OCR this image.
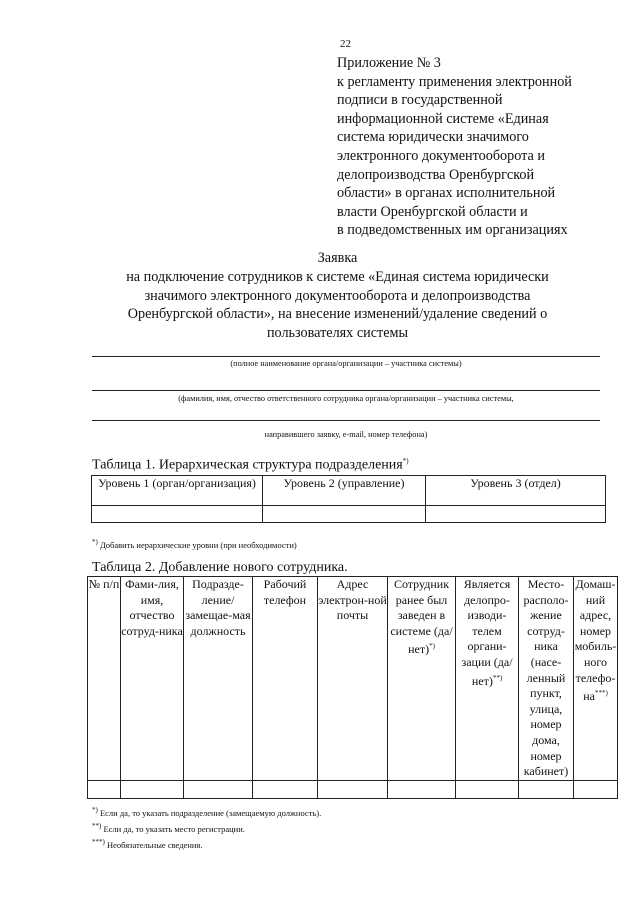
22
Приложение № 3
к регламенту применения электронной
подписи в государственной
информационной системе «Единая
система юридически значимого
электронного документооборота и
делопроизводства Оренбургской
области» в органах исполнительной
власти Оренбургской области и
в подведомственных им организациях
Заявка
на подключение сотрудников к системе «Единая система юридически
значимого электронного документооборота и делопроизводства
Оренбургской области», на внесение изменений/удаление сведений о
пользователях системы
(полное наименование органа/организации – участника системы)
(фамилия, имя, отчество ответственного сотрудника органа/организации – участника системы,
направившего заявку, e-mail, номер телефона)
Таблица 1. Иерархическая структура подразделения*)
Уровень 1 (орган/организация)	Уровень 2 (управление)	Уровень 3 (отдел)

*) Добавить иерархические уровни (при необходимости)
Таблица 2. Добавление нового сотрудника.
№ п/п	Фами-лия, имя, отчество сотруд-ника	Подразде-ление/ замещае-мая должность	Рабочий телефон	Адрес электрон-ной почты	Сотрудник ранее был заведен в системе (да/нет)*)	Является делопро-изводи-телем органи-зации (да/нет)**)	Место-располо-жение сотруд-ника (насе-ленный пункт, улица, номер дома, номер кабинет)	Домаш-ний адрес, номер мобиль-ного телефо-на***)

*) Если да, то указать подразделение (замещаемую должность).
**) Если да, то указать место регистрации.
***) Необязательные сведения.
